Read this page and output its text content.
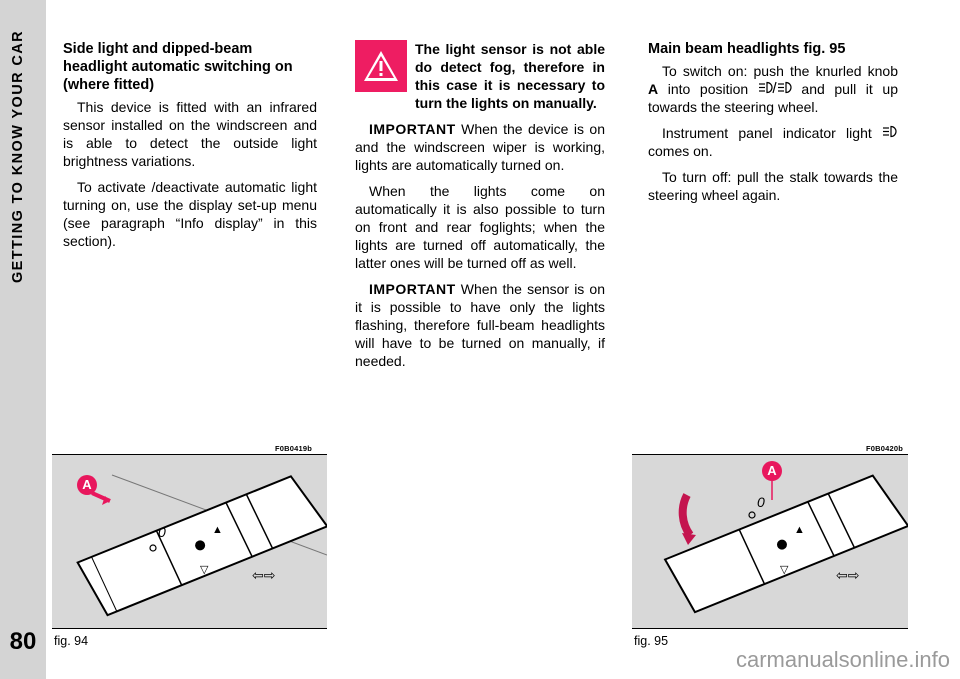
GETTING TO KNOW YOUR CAR
80
Side light and dipped-beam headlight automatic switching on (where fitted)

This device is fitted with an infrared sensor installed on the windscreen and is able to detect the outside light brightness variations.

To activate /deactivate automatic light turning on, use the display set-up menu (see paragraph “Info display” in this section).

The light sensor is not able do detect fog, therefore in this case it is necessary to turn the lights on manually.

IMPORTANT When the device is on and the windscreen wiper is working, lights are automatically turned on.

When the lights come on automatically it is also possible to turn on front and rear foglights; when the lights are turned off automatically, the latter ones will be turned off as well.

IMPORTANT When the sensor is on it is possible to have only the lights flashing, therefore full-beam headlights will have to be turned on manually, if needed.

Main beam headlights fig. 95

To switch on: push the knurled knob A into position  and pull it up towards the steering wheel.

Instrument panel indicator light  comes on.

To turn off: pull the stalk towards the steering wheel again.

F0B0419b
0	▲
▽	⇦⇨
A
fig. 94
F0B0420b
0
▲
▽	⇦⇨
A
fig. 95
carmanualsonline.info
